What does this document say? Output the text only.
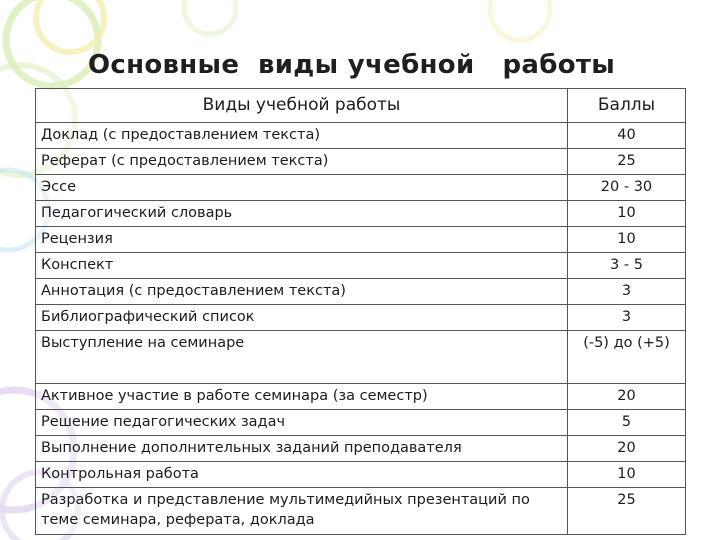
Основные  виды учебной   работы
Виды учебной работы	Баллы
Доклад (с предоставлением текста)	40
Реферат (с предоставлением текста)	25
Эссе	20 - 30
Педагогический словарь	10
Рецензия	10
Конспект	3 - 5
Аннотация (с предоставлением текста)	3
Библиографический список	3
Выступление на семинаре	(-5) до (+5)
Активное участие в работе семинара (за семестр)	20
Решение педагогических задач	5
Выполнение дополнительных заданий преподавателя	20
Контрольная работа	10
Разработка и представление мультимедийных презентаций по теме семинара, реферата, доклада	25
